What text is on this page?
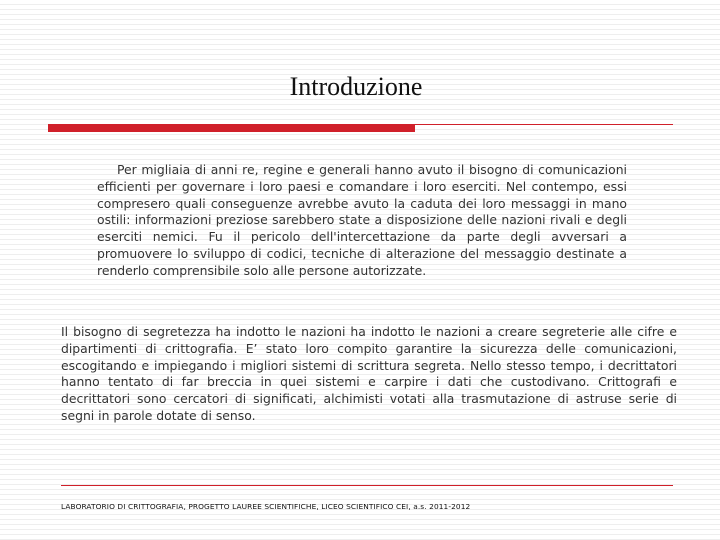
Introduzione

Per migliaia di anni re, regine e generali hanno avuto il bisogno di comunicazioni efficienti per governare i loro paesi e comandare i loro eserciti. Nel contempo, essi compresero quali conseguenze avrebbe avuto la caduta dei loro messaggi in mano ostili: informazioni preziose sarebbero state a disposizione delle nazioni rivali e degli eserciti nemici. Fu il pericolo dell'intercettazione da parte degli avversari a promuovere lo sviluppo di codici, tecniche di alterazione del messaggio destinate a renderlo comprensibile solo alle persone autorizzate.

Il bisogno di segretezza ha indotto le nazioni ha indotto le nazioni a creare segreterie alle cifre e dipartimenti di crittografia. E’ stato loro compito garantire la sicurezza delle comunicazioni, escogitando e impiegando i migliori sistemi di scrittura segreta. Nello stesso tempo, i decrittatori hanno tentato di far breccia in quei sistemi e carpire i dati che custodivano. Crittografi e decrittatori sono cercatori di significati, alchimisti votati alla trasmutazione di astruse serie di segni in parole dotate di senso.

LABORATORIO DI CRITTOGRAFIA, PROGETTO LAUREE SCIENTIFICHE, LICEO SCIENTIFICO CEI, a.s. 2011-2012
